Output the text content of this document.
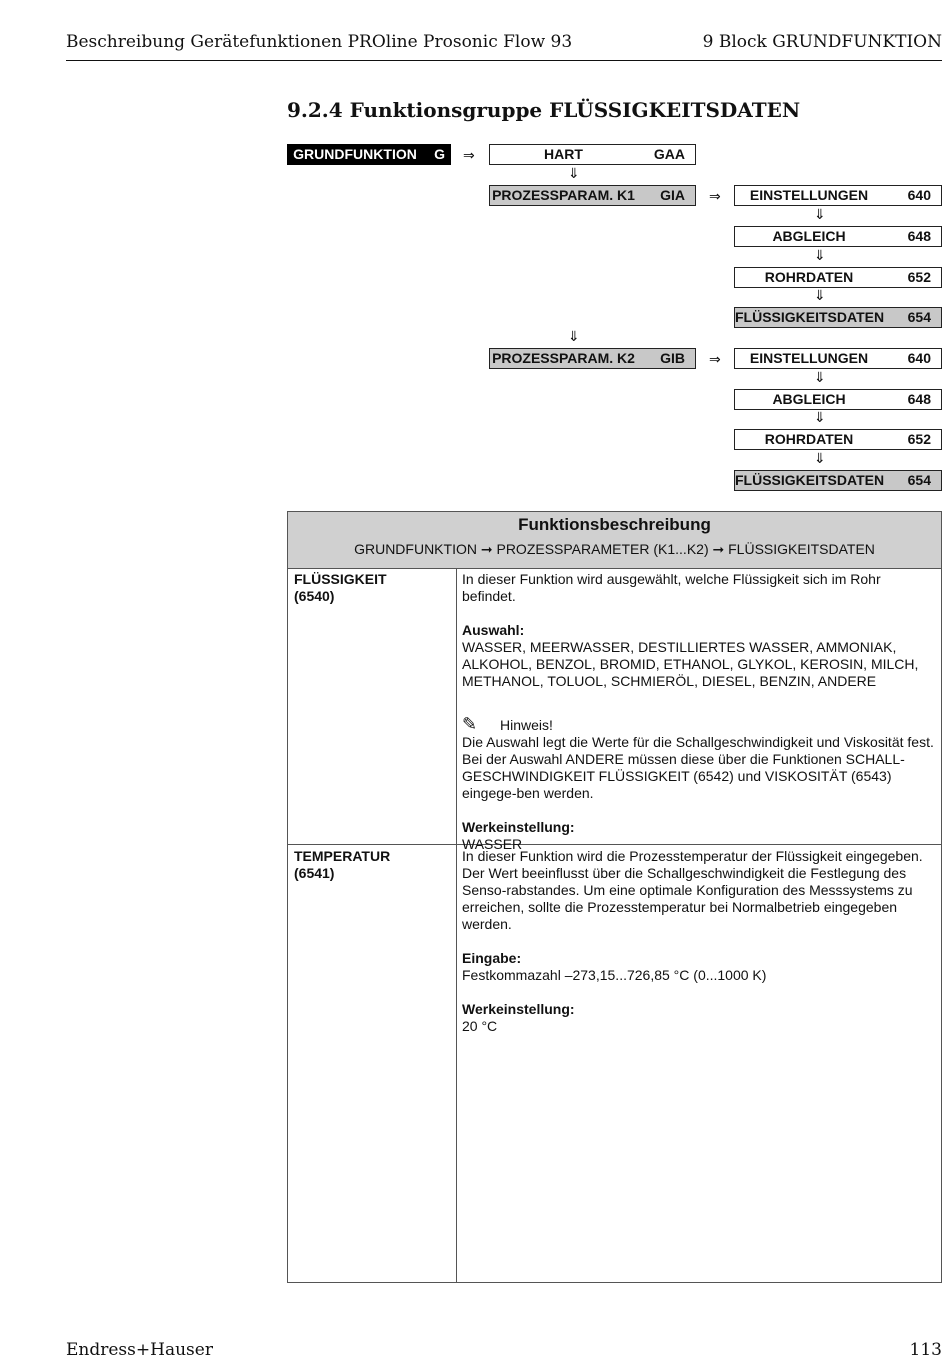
Beschreibung Gerätefunktionen PROline Prosonic Flow 93	9 Block GRUNDFUNKTION
9.2.4 Funktionsgruppe FLÜSSIGKEITSDATEN
GRUNDFUNKTION	G ⇒	HART	GAA
⇓
PROZESSPARAM. K1 GIA ⇒	EINSTELLUNGEN	640
⇓
ABGLEICH	648
⇓
ROHRDATEN	652
⇓
FLÜSSIGKEITSDATEN 654
⇓
PROZESSPARAM. K2 GIB ⇒	EINSTELLUNGEN	640
⇓
ABGLEICH	648
⇓
ROHRDATEN	652
⇓
FLÜSSIGKEITSDATEN 654
Funktionsbeschreibung
GRUNDFUNKTION ➞ PROZESSPARAMETER (K1...K2) ➞ FLÜSSIGKEITSDATEN
FLÜSSIGKEIT
(6540)

In dieser Funktion wird ausgewählt, welche Flüssigkeit sich im Rohr befindet.

Auswahl:

WASSER, MEERWASSER, DESTILLIERTES WASSER, AMMONIAK, ALKOHOL, BENZOL, BROMID, ETHANOL, GLYKOL, KEROSIN, MILCH, METHANOL, TOLUOL, SCHMIERÖL, DIESEL, BENZIN, ANDERE

✎ Hinweis!

Die Auswahl legt die Werte für die Schallgeschwindigkeit und Viskosität fest. Bei der Auswahl ANDERE müssen diese über die Funktionen SCHALL-GESCHWINDIGKEIT FLÜSSIGKEIT (6542) und VISKOSITÄT (6543) eingege-ben werden.

Werkeinstellung:

WASSER

TEMPERATUR
(6541)

In dieser Funktion wird die Prozesstemperatur der Flüssigkeit eingegeben. Der Wert beeinflusst über die Schallgeschwindigkeit die Festlegung des Senso-rabstandes. Um eine optimale Konfiguration des Messsystems zu erreichen, sollte die Prozesstemperatur bei Normalbetrieb eingegeben werden.

Eingabe:

Festkommazahl –273,15...726,85 °C (0...1000 K)

Werkeinstellung:

20 °C

Endress+Hauser	113
